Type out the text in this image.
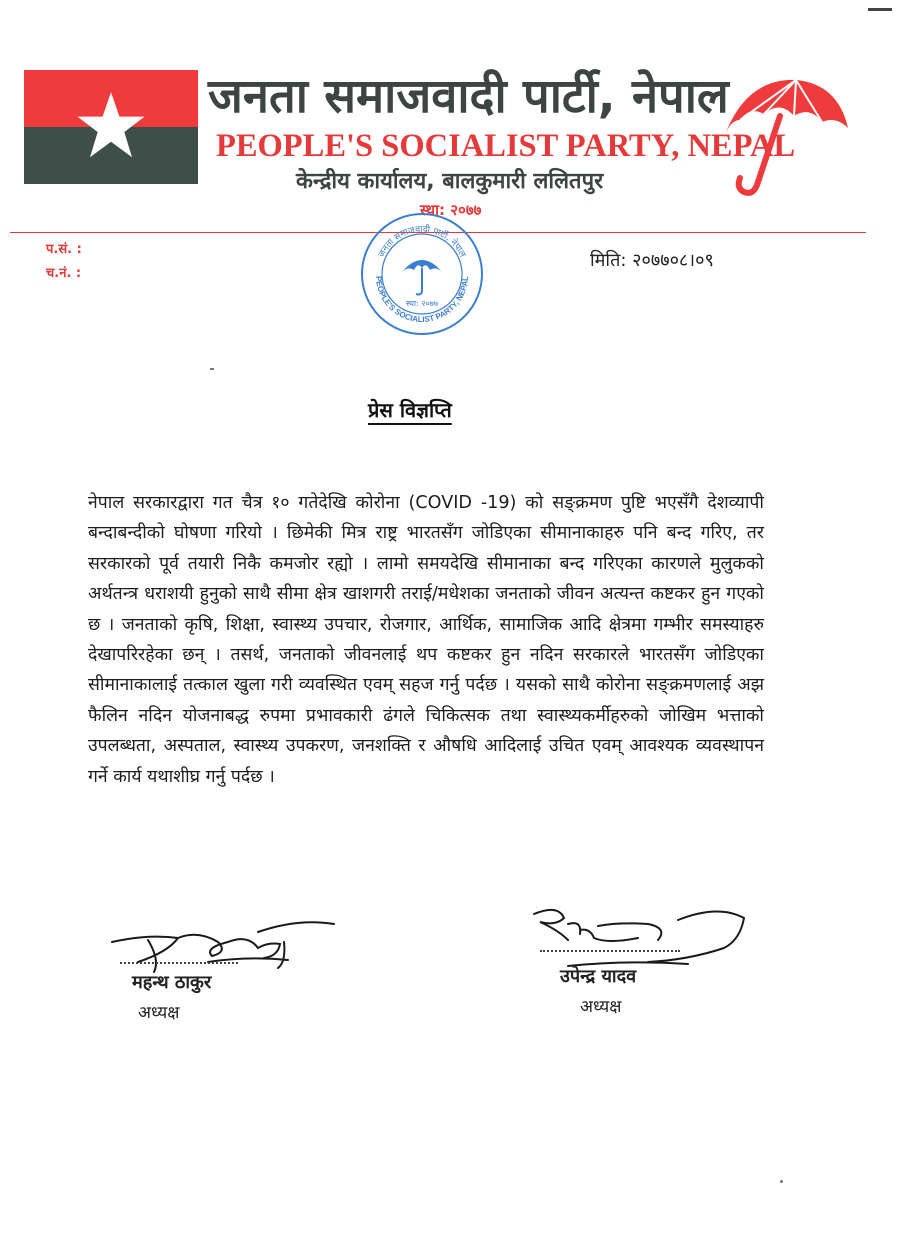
जनता समाजवादी पार्टी, नेपाल
PEOPLE'S SOCIALIST PARTY, NEPAL
केन्द्रीय कार्यालय, बालकुमारी ललितपुर
स्था: २०७७
प.सं. :
च.नं. :
जनता समाजवादी पार्टी, नेपाल
PEOPLE'S SOCIALIST PARTY, NEPAL
स्था: २०७७
मिति: २०७७०८।०९
प्रेस विज्ञप्ति
नेपाल सरकारद्वारा गत चैत्र १० गतेदेखि कोरोना (COVID -19) को सङ्क्रमण पुष्टि भएसँगै देशव्यापी बन्दाबन्दीको घोषणा गरियो । छिमेकी मित्र राष्ट्र भारतसँग जोडिएका सीमानाकाहरु पनि बन्द गरिए, तर सरकारको पूर्व तयारी निकै कमजोर रह्यो । लामो समयदेखि सीमानाका बन्द गरिएका कारणले मुलुकको अर्थतन्त्र धराशयी हुनुको साथै सीमा क्षेत्र खाशगरी तराई/मधेशका जनताको जीवन अत्यन्त कष्टकर हुन गएको छ । जनताको कृषि, शिक्षा, स्वास्थ्य उपचार, रोजगार, आर्थिक, सामाजिक आदि क्षेत्रमा गम्भीर समस्याहरु देखापरिरहेका छन् । तसर्थ, जनताको जीवनलाई थप कष्टकर हुन नदिन सरकारले भारतसँग जोडिएका सीमानाकालाई तत्काल खुला गरी व्यवस्थित एवम् सहज गर्नु पर्दछ । यसको साथै कोरोना सङ्क्रमणलाई अझ फैलिन नदिन योजनाबद्ध रुपमा प्रभावकारी ढंगले चिकित्सक तथा स्वास्थ्यकर्मीहरुको जोखिम भत्ताको उपलब्धता, अस्पताल, स्वास्थ्य उपकरण, जनशक्ति र औषधि आदिलाई उचित एवम् आवश्यक व्यवस्थापन गर्ने कार्य यथाशीघ्र गर्नु पर्दछ ।
महन्थ ठाकुर
अध्यक्ष
उपेन्द्र यादव
अध्यक्ष
